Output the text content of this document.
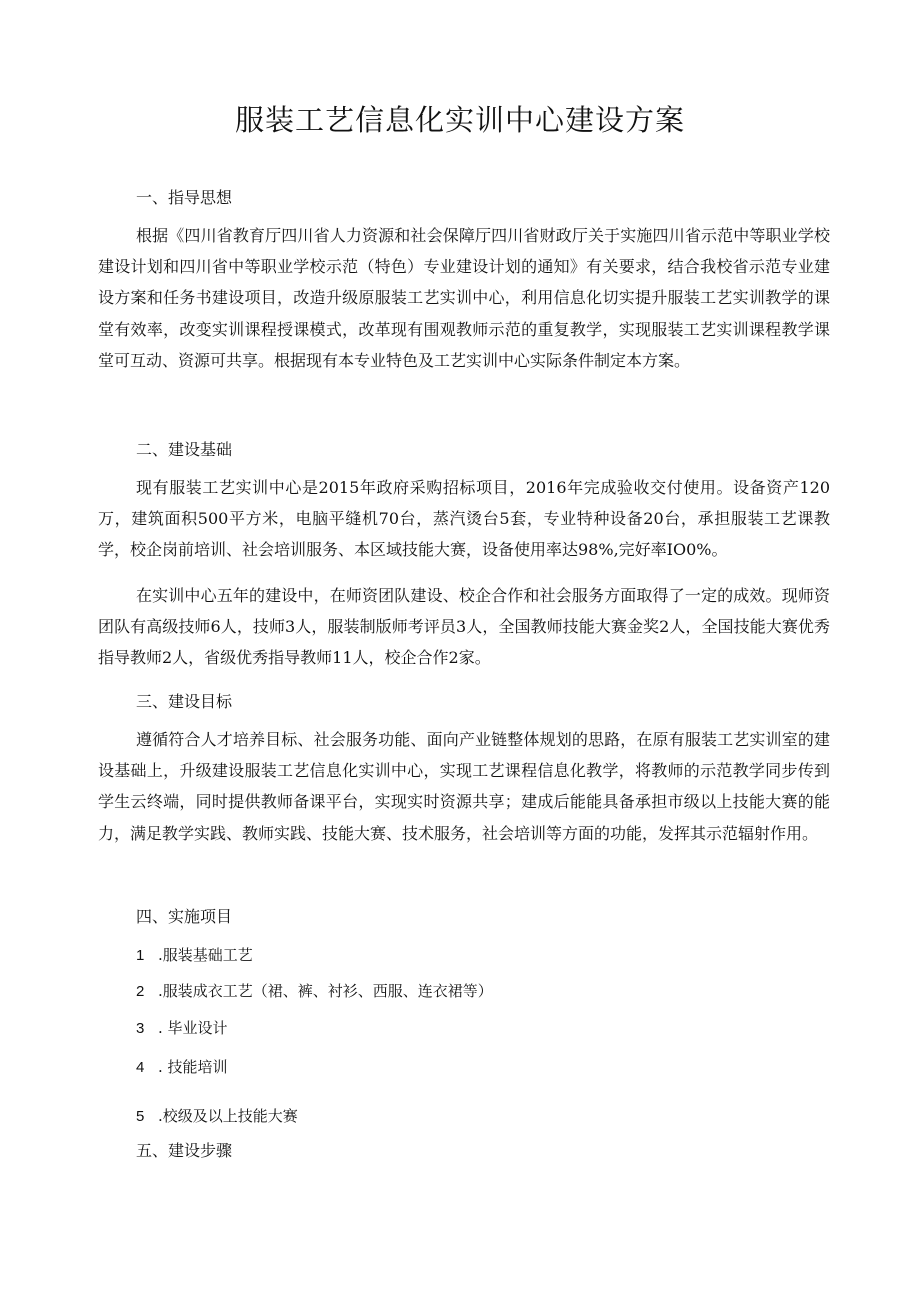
服装工艺信息化实训中心建设方案
一、指导思想
根据《四川省教育厅四川省人力资源和社会保障厅四川省财政厅关于实施四川省示范中等职业学校建设计划和四川省中等职业学校示范（特色）专业建设计划的通知》有关要求，结合我校省示范专业建设方案和任务书建设项目，改造升级原服装工艺实训中心，利用信息化切实提升服装工艺实训教学的课堂有效率，改变实训课程授课模式，改革现有围观教师示范的重复教学，实现服装工艺实训课程教学课堂可互动、资源可共享。根据现有本专业特色及工艺实训中心实际条件制定本方案。
二、建设基础
现有服装工艺实训中心是2015年政府采购招标项目，2016年完成验收交付使用。设备资产120万，建筑面积500平方米，电脑平缝机70台，蒸汽烫台5套，专业特种设备20台，承担服装工艺课教学，校企岗前培训、社会培训服务、本区域技能大赛，设备使用率达98%,完好率IO0%。
在实训中心五年的建设中，在师资团队建设、校企合作和社会服务方面取得了一定的成效。现师资团队有高级技师6人，技师3人，服装制版师考评员3人，全国教师技能大赛金奖2人，全国技能大赛优秀指导教师2人，省级优秀指导教师11人，校企合作2家。
三、建设目标
遵循符合人才培养目标、社会服务功能、面向产业链整体规划的思路，在原有服装工艺实训室的建设基础上，升级建设服装工艺信息化实训中心，实现工艺课程信息化教学，将教师的示范教学同步传到学生云终端，同时提供教师备课平台，实现实时资源共享；建成后能能具备承担市级以上技能大赛的能力，满足教学实践、教师实践、技能大赛、技术服务，社会培训等方面的功能，发挥其示范辐射作用。
四、实施项目
1 .服装基础工艺
2 .服装成衣工艺（裙、裤、衬衫、西服、连衣裙等）
3 . 毕业设计
4 . 技能培训
5 .校级及以上技能大赛
五、建设步骤
